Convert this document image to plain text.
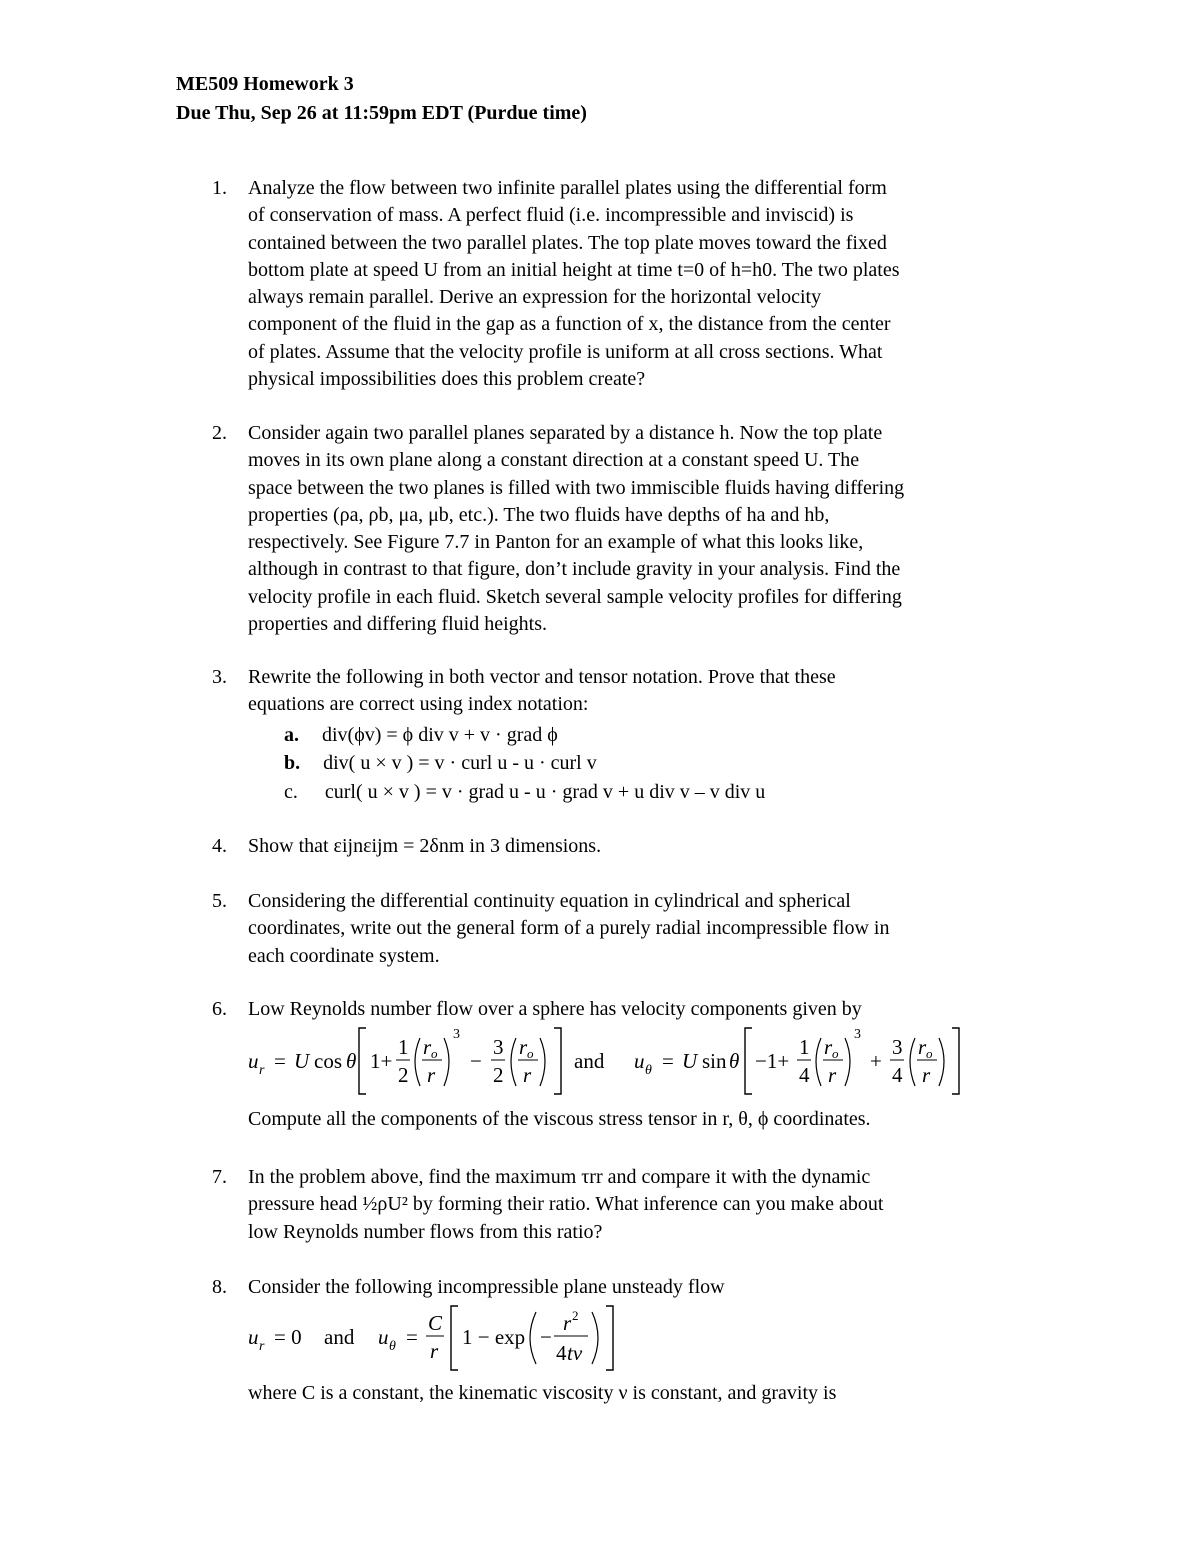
ME509 Homework 3
Due Thu, Sep 26 at 11:59pm EDT (Purdue time)
1.	Analyze the flow between two infinite parallel plates using the differential form
of conservation of mass. A perfect fluid (i.e. incompressible and inviscid) is
contained between the two parallel plates. The top plate moves toward the fixed
bottom plate at speed U from an initial height at time t=0 of h=h0. The two plates
always remain parallel. Derive an expression for the horizontal velocity
component of the fluid in the gap as a function of x, the distance from the center
of plates. Assume that the velocity profile is uniform at all cross sections. What
physical impossibilities does this problem create?
2.	Consider again two parallel planes separated by a distance h. Now the top plate
moves in its own plane along a constant direction at a constant speed U. The
space between the two planes is filled with two immiscible fluids having differing
properties (ρa, ρb, μa, μb, etc.). The two fluids have depths of ha and hb,
respectively. See Figure 7.7 in Panton for an example of what this looks like,
although in contrast to that figure, don’t include gravity in your analysis. Find the
velocity profile in each fluid. Sketch several sample velocity profiles for differing
properties and differing fluid heights.
3.	Rewrite the following in both vector and tensor notation. Prove that these
equations are correct using index notation:
a. div(ϕv) = ϕ div v + v · grad ϕ
b. div( u × v ) = v · curl u - u · curl v
c. curl( u × v ) = v · grad u - u · grad v + u div v – v div u
4.	Show that εijnεijm = 2δnm in 3 dimensions.
5.	Considering the differential continuity equation in cylindrical and spherical
coordinates, write out the general form of a purely radial incompressible flow in
each coordinate system.
6.	Low Reynolds number flow over a sphere has velocity components given by
u r = U cos θ 1+
1
2
r o
r
3
−
3
2
r o
r
and u θ = U sin θ −1+
1
4
r o
r
3
+
3
4
r o
r
Compute all the components of the viscous stress tensor in r, θ, ϕ coordinates.
7.	In the problem above, find the maximum τrr and compare it with the dynamic
pressure head ½ρU² by forming their ratio. What inference can you make about
low Reynolds number flows from this ratio?
8.	Consider the following incompressible plane unsteady flow
u r = 0 and u θ =
C
r
1 − exp −
r 2
4 tν
where C is a constant, the kinematic viscosity ν is constant, and gravity is
